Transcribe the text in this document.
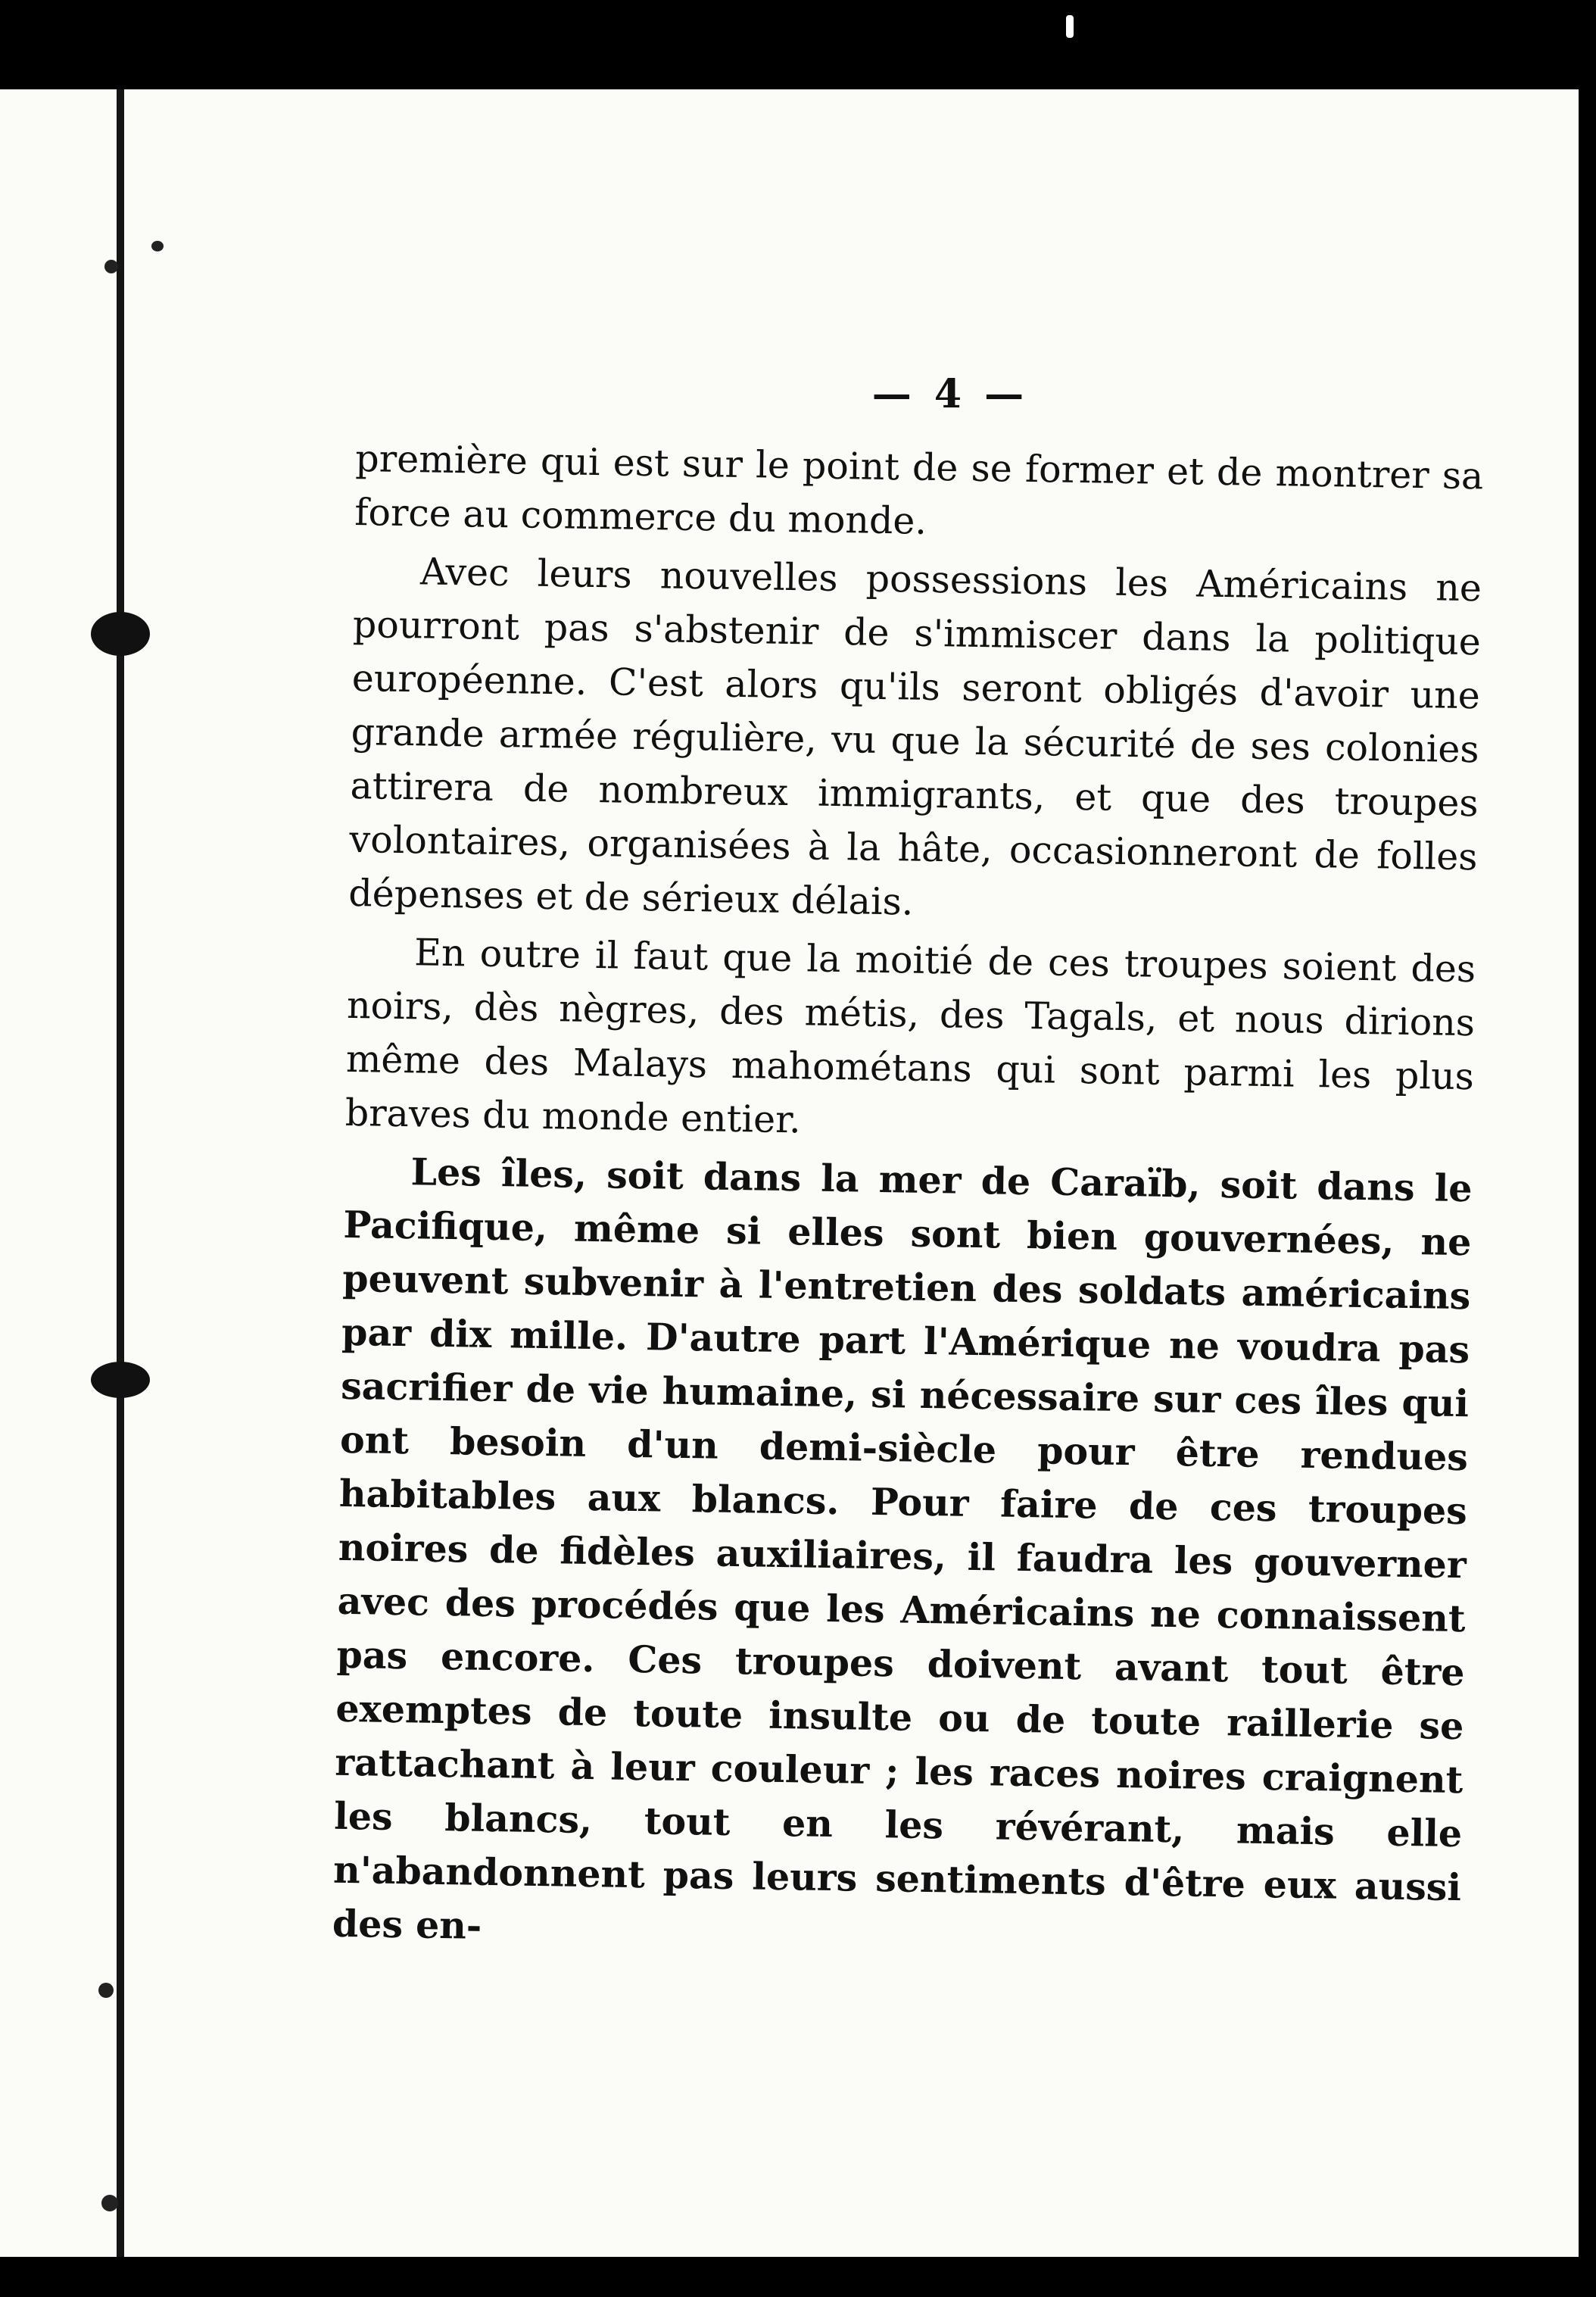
— 4 —

première qui est sur le point de se former et de montrer sa force au commerce du monde.

Avec leurs nouvelles possessions les Américains ne pourront pas s'abstenir de s'immiscer dans la politique européenne. C'est alors qu'ils seront obligés d'avoir une grande armée régulière, vu que la sécurité de ses colonies attirera de nombreux immigrants, et que des troupes volontaires, organisées à la hâte, occasionneront de folles dépenses et de sérieux délais.

En outre il faut que la moitié de ces troupes soient des noirs, dès nègres, des métis, des Tagals, et nous dirions même des Malays mahométans qui sont parmi les plus braves du monde entier.

Les îles, soit dans la mer de Caraïb, soit dans le Pacifique, même si elles sont bien gouvernées, ne peuvent subvenir à l'entretien des soldats américains par dix mille. D'autre part l'Amérique ne voudra pas sacrifier de vie humaine, si nécessaire sur ces îles qui ont besoin d'un demi-siècle pour être rendues habitables aux blancs. Pour faire de ces troupes noires de fidèles auxiliaires, il faudra les gouverner avec des procédés que les Américains ne connaissent pas encore. Ces troupes doivent avant tout être exemptes de toute insulte ou de toute raillerie se rattachant à leur couleur ; les races noires craignent les blancs, tout en les révérant, mais elle n'abandonnent pas leurs sentiments d'être eux aussi des en-
